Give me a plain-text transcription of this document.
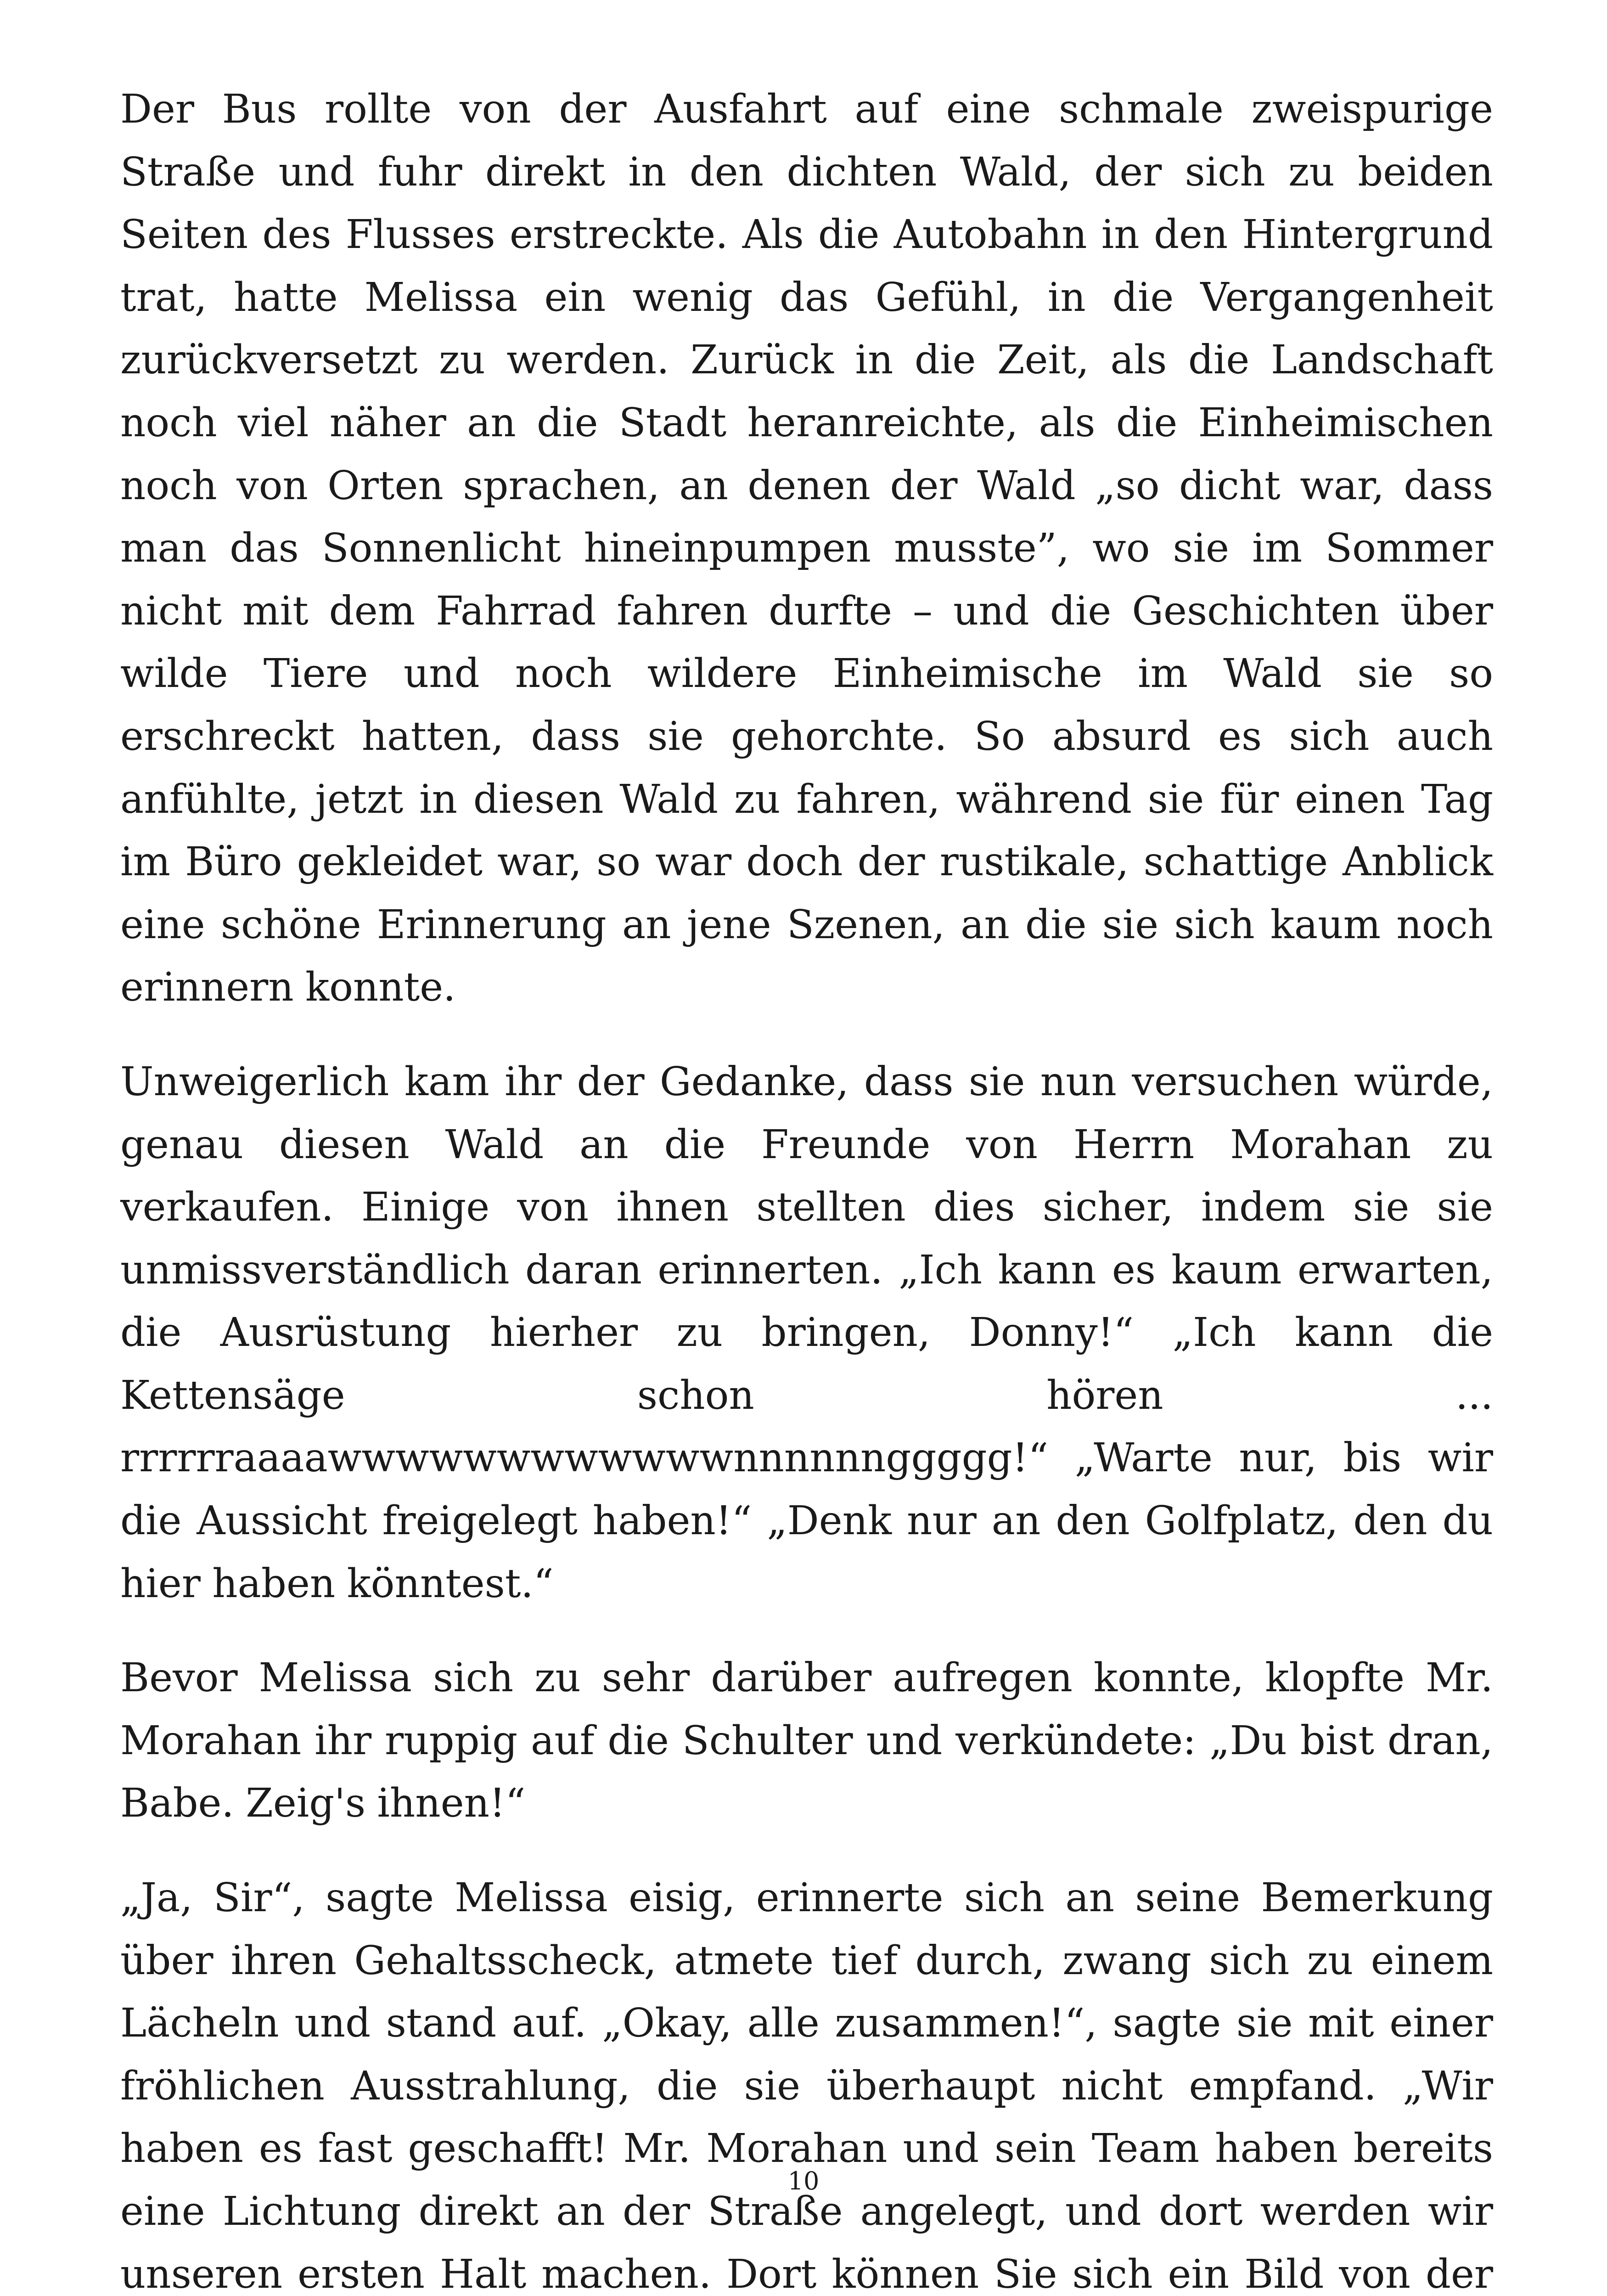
Der Bus rollte von der Ausfahrt auf eine schmale zweispurige Straße und fuhr direkt in den dichten Wald, der sich zu beiden Seiten des Flusses erstreckte. Als die Autobahn in den Hintergrund trat, hatte Melissa ein wenig das Gefühl, in die Vergangenheit zurückversetzt zu werden. Zurück in die Zeit, als die Landschaft noch viel näher an die Stadt heranreichte, als die Einheimischen noch von Orten sprachen, an denen der Wald „so dicht war, dass man das Sonnenlicht hineinpumpen musste”, wo sie im Sommer nicht mit dem Fahrrad fahren durfte – und die Geschichten über wilde Tiere und noch wildere Einheimische im Wald sie so erschreckt hatten, dass sie gehorchte. So absurd es sich auch anfühlte, jetzt in diesen Wald zu fahren, während sie für einen Tag im Büro gekleidet war, so war doch der rustikale, schattige Anblick eine schöne Erinnerung an jene Szenen, an die sie sich kaum noch erinnern konnte.

Unweigerlich kam ihr der Gedanke, dass sie nun versuchen würde, genau diesen Wald an die Freunde von Herrn Morahan zu verkaufen. Einige von ihnen stellten dies sicher, indem sie sie unmissverständlich daran erinnerten. „Ich kann es kaum erwarten, die Ausrüstung hierher zu bringen, Donny!“ „Ich kann die Kettensäge schon hören ... rrrrrraaaawwwwwwwwwwwwnnnnnnggggg!“ „Warte nur, bis wir die Aussicht freigelegt haben!“ „Denk nur an den Golfplatz, den du hier haben könntest.“

Bevor Melissa sich zu sehr darüber aufregen konnte, klopfte Mr. Morahan ihr ruppig auf die Schulter und verkündete: „Du bist dran, Babe. Zeig's ihnen!“

„Ja, Sir“, sagte Melissa eisig, erinnerte sich an seine Bemerkung über ihren Gehaltsscheck, atmete tief durch, zwang sich zu einem Lächeln und stand auf. „Okay, alle zusammen!“, sagte sie mit einer fröhlichen Ausstrahlung, die sie überhaupt nicht empfand. „Wir haben es fast geschafft! Mr. Morahan und sein Team haben bereits eine Lichtung direkt an der Straße angelegt, und dort werden wir unseren ersten Halt machen. Dort können Sie sich ein Bild von der

10
